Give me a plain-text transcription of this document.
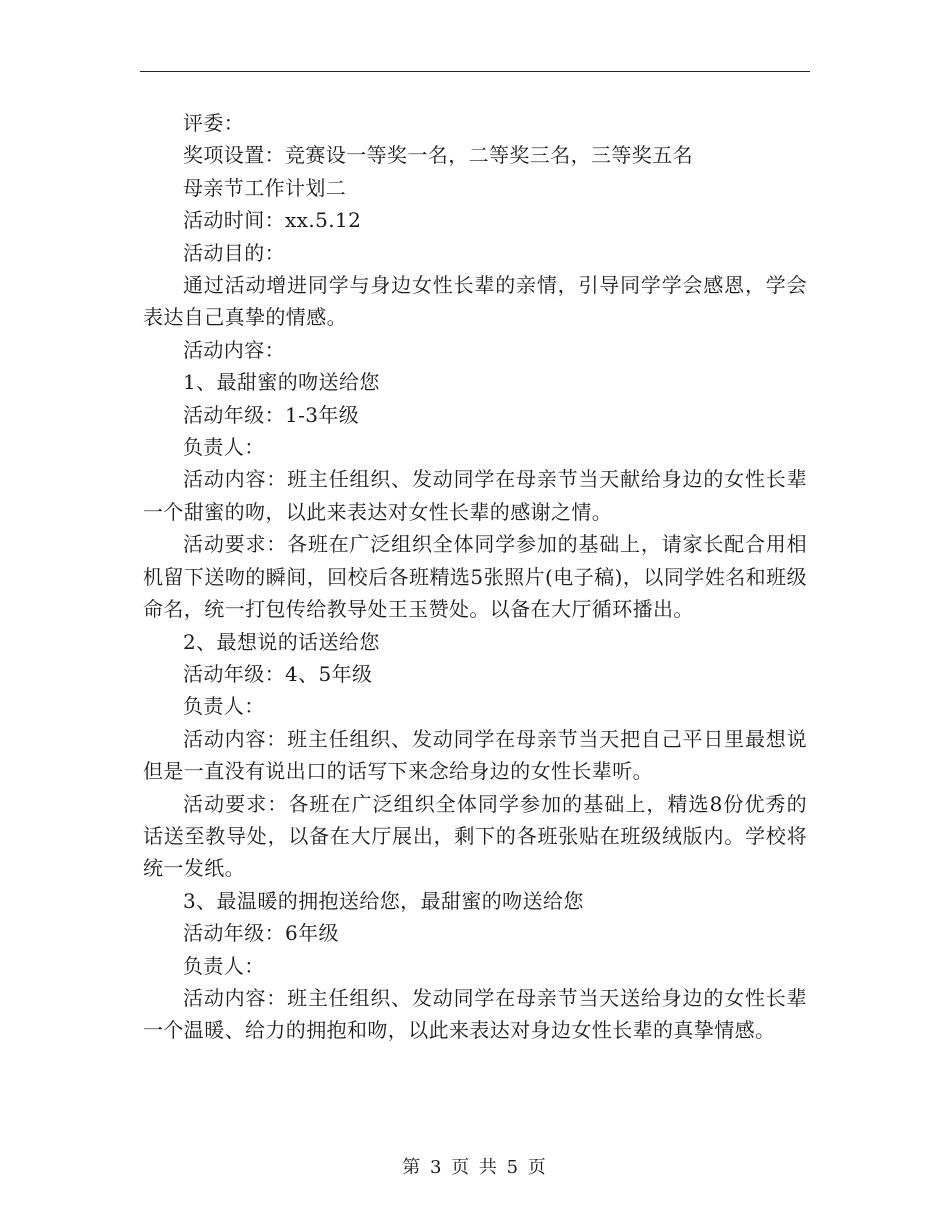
评委：

奖项设置：竞赛设一等奖一名，二等奖三名，三等奖五名

母亲节工作计划二

活动时间：xx.5.12

活动目的：

通过活动增进同学与身边女性长辈的亲情，引导同学学会感恩，学会表达自己真挚的情感。

活动内容：

1、最甜蜜的吻送给您

活动年级：1-3年级

负责人：

活动内容：班主任组织、发动同学在母亲节当天献给身边的女性长辈一个甜蜜的吻，以此来表达对女性长辈的感谢之情。

活动要求：各班在广泛组织全体同学参加的基础上，请家长配合用相机留下送吻的瞬间，回校后各班精选5张照片(电子稿)，以同学姓名和班级命名，统一打包传给教导处王玉赞处。以备在大厅循环播出。

2、最想说的话送给您

活动年级：4、5年级

负责人：

活动内容：班主任组织、发动同学在母亲节当天把自己平日里最想说但是一直没有说出口的话写下来念给身边的女性长辈听。

活动要求：各班在广泛组织全体同学参加的基础上，精选8份优秀的话送至教导处，以备在大厅展出，剩下的各班张贴在班级绒版内。学校将统一发纸。

3、最温暖的拥抱送给您，最甜蜜的吻送给您

活动年级：6年级

负责人：

活动内容：班主任组织、发动同学在母亲节当天送给身边的女性长辈一个温暖、给力的拥抱和吻，以此来表达对身边女性长辈的真挚情感。

第 3 页 共 5 页
